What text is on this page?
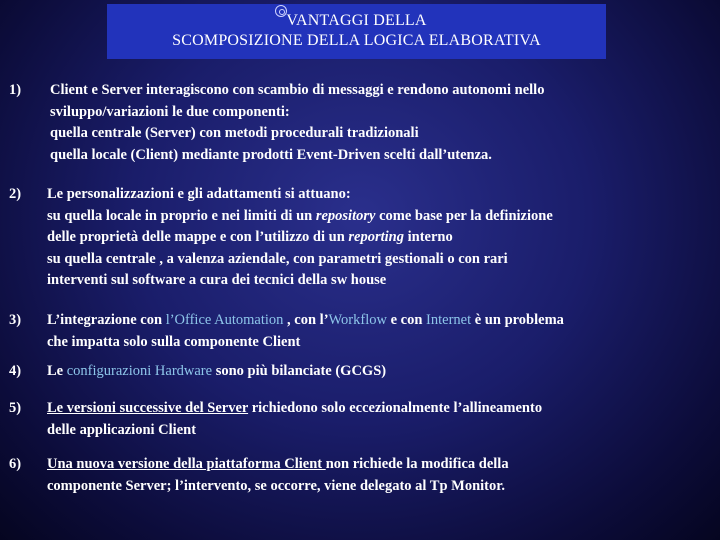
VANTAGGI DELLA
SCOMPOSIZIONE DELLA LOGICA ELABORATIVA
1)	Client e Server interagiscono con scambio di messaggi e rendono autonomi nello
sviluppo/variazioni le due componenti:
quella centrale (Server) con metodi procedurali tradizionali
quella locale (Client) mediante prodotti Event-Driven scelti dall’utenza.
2)	Le personalizzazioni e gli adattamenti si attuano:
su quella locale in proprio e nei limiti di un repository come base per la definizione
delle proprietà delle mappe e con l’utilizzo di un reporting interno
su quella centrale , a valenza aziendale, con parametri gestionali o con rari
interventi sul software a cura dei tecnici della sw house
3)	L’integrazione con l’Office Automation , con l’Workflow e con Internet è un problema
che impatta solo sulla componente Client
4)	Le configurazioni Hardware sono più bilanciate (GCGS)
5)	Le versioni successive del Server richiedono solo eccezionalmente l’allineamento
delle applicazioni Client
6)	Una nuova versione della piattaforma Client non richiede la modifica della
componente Server; l’intervento, se occorre, viene delegato al Tp Monitor.
